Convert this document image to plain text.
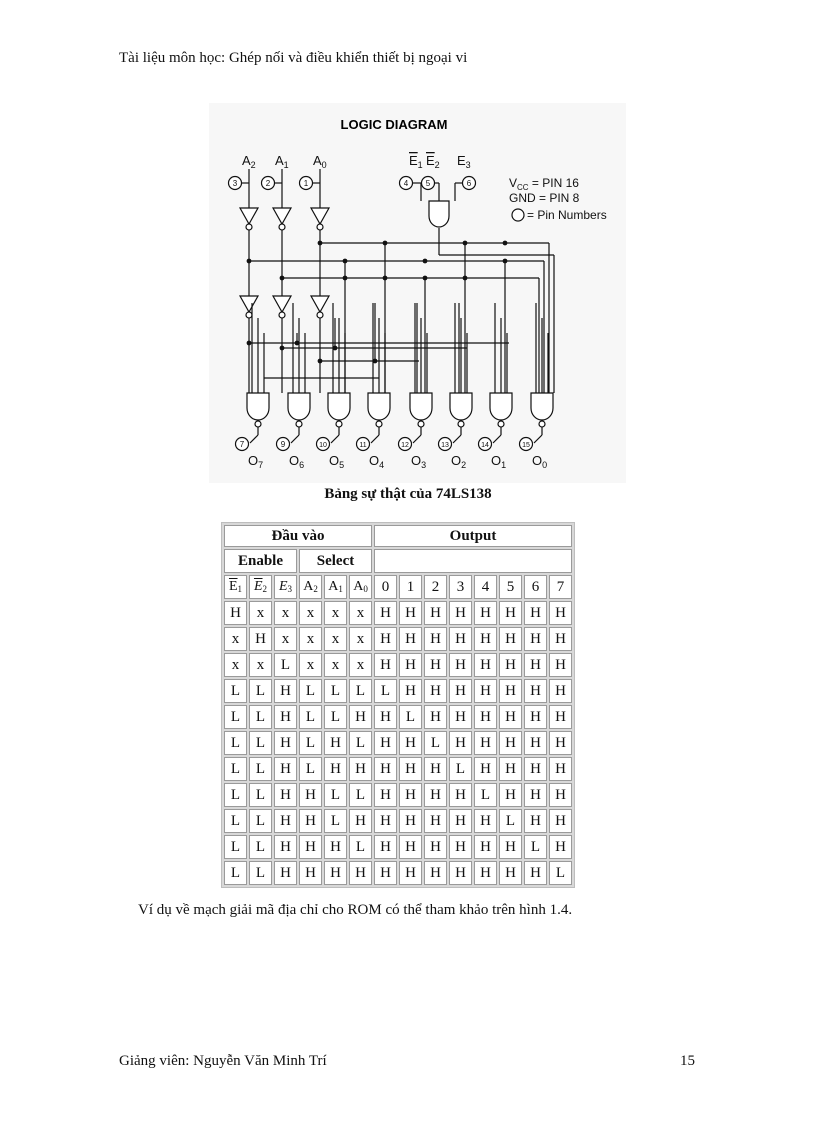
Tài liệu môn học: Ghép nối và điều khiển thiết bị ngoại vi
LOGIC DIAGRAM
$A_2$
3
$A_1$
2
$A_0$
1
$E_1$ $E_2$ $E_3$
4 5	6	$V_{CC}$ = PIN 16
GND = PIN 8
= Pin Numbers
7
$O_7$
9
$O_6$
10
$O_5$
11
$O_4$
12
$O_3$
13
$O_2$
14
$O_1$
15
$O_0$
Bảng sự thật của 74LS138
Đầu vào						Output							
Enable			Select										
$\overline{E}_1$	$\overline{E}_2$	$E_3$	$A_2$	$A_1$	$A_0$	0	1	2	3	4	5	6	7
H	x	x	x	x	x	H	H	H	H	H	H	H	H
x	H	x	x	x	x	H	H	H	H	H	H	H	H
x	x	L	x	x	x	H	H	H	H	H	H	H	H
L	L	H	L	L	L	L	H	H	H	H	H	H	H
L	L	H	L	L	H	H	L	H	H	H	H	H	H
L	L	H	L	H	L	H	H	L	H	H	H	H	H
L	L	H	L	H	H	H	H	H	L	H	H	H	H
L	L	H	H	L	L	H	H	H	H	L	H	H	H
L	L	H	H	L	H	H	H	H	H	H	L	H	H
L	L	H	H	H	L	H	H	H	H	H	H	L	H
L	L	H	H	H	H	H	H	H	H	H	H	H	L
Ví dụ về mạch giải mã địa chỉ cho ROM có thể tham khảo trên hình 1.4.
Giảng viên: Nguyễn Văn Minh Trí	15
